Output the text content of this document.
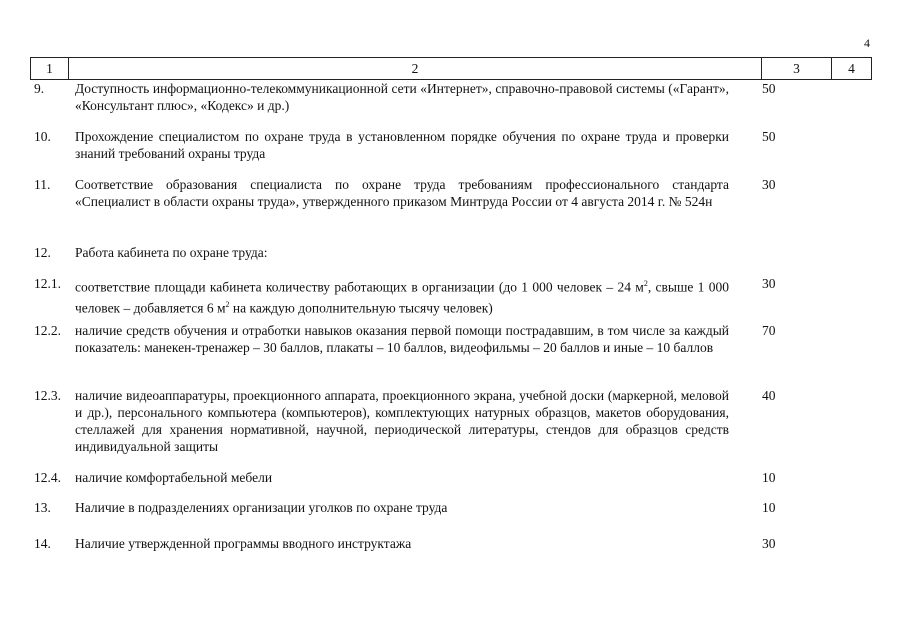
4
1	2	3	4
9. Доступность информационно-телекоммуникационной сети «Интернет», справочно-правовой системы («Гарант», «Консультант плюс», «Кодекс» и др.)
50
10. Прохождение специалистом по охране труда в установленном порядке обучения по охране труда и проверки знаний требований охраны труда
50
11. Соответствие образования специалиста по охране труда требованиям профессионального стандарта «Специалист в области охраны труда», утвержденного приказом Минтруда России от 4 августа 2014 г. № 524н
30
12. Работа кабинета по охране труда:
12.1. соответствие площади кабинета количеству работающих в организации (до 1 000 человек – 24 $м^2$, свыше 1 000 человек – добавляется 6 $м^2$ на каждую дополнительную тысячу человек)
30
12.2. наличие средств обучения и отработки навыков оказания первой помощи пострадавшим, в том числе за каждый показатель: манекен-тренажер – 30 баллов, плакаты – 10 баллов, видеофильмы – 20 баллов и иные – 10 баллов
70
12.3. наличие видеоаппаратуры, проекционного аппарата, проекционного экрана, учебной доски (маркерной, меловой и др.), персонального компьютера (компьютеров), комплектующих натурных образцов, макетов оборудования, стеллажей для хранения нормативной, научной, периодической литературы, стендов для образцов средств индивидуальной защиты
40
12.4. наличие комфортабельной мебели	10
13. Наличие в подразделениях организации уголков по охране труда	10
14. Наличие утвержденной программы вводного инструктажа	30
